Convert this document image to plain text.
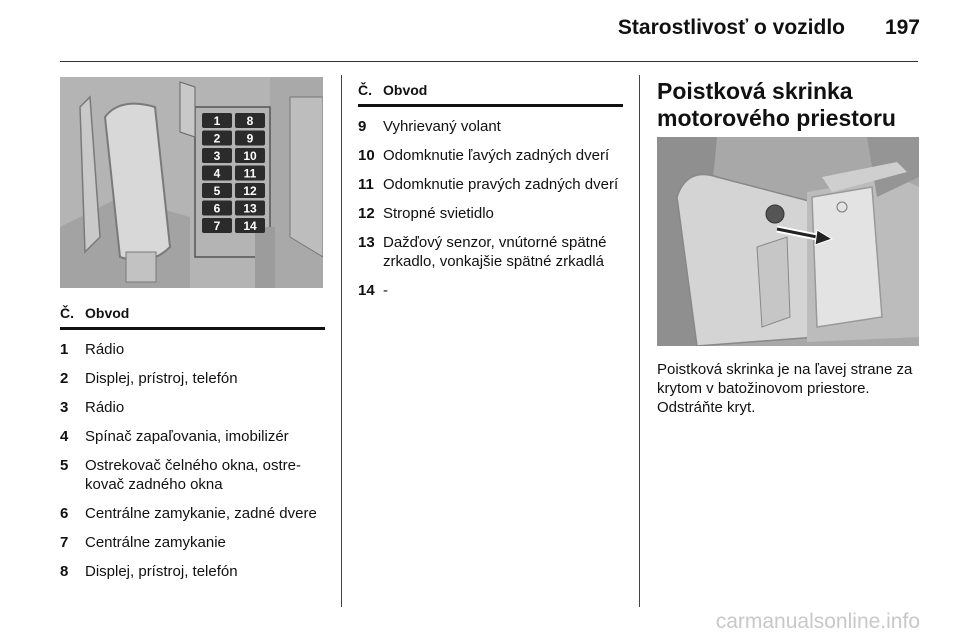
Starostlivosť o vozidlo 197
1
2
3
4
5
6
7
8
9
10
11
12
13
14
Č. Obvod
1	Rádio
2	Displej, prístroj, telefón
3	Rádio
4	Spínač zapaľovania, imobilizér
5	Ostrekovač čelného okna, ostre-kovač zadného okna
6	Centrálne zamykanie, zadné dvere
7	Centrálne zamykanie
8	Displej, prístroj, telefón
Č. Obvod
9	Vyhrievaný volant
10 Odomknutie ľavých zadných dverí
11 Odomknutie pravých zadných dverí
12 Stropné svietidlo
13 Dažďový senzor, vnútorné spätné zrkadlo, vonkajšie spätné zrkadlá
14 -
Poistková skrinka motorového priestoru
Poistková skrinka je na ľavej strane za krytom v batožinovom priestore. Odstráňte kryt.
carmanualsonline.info
